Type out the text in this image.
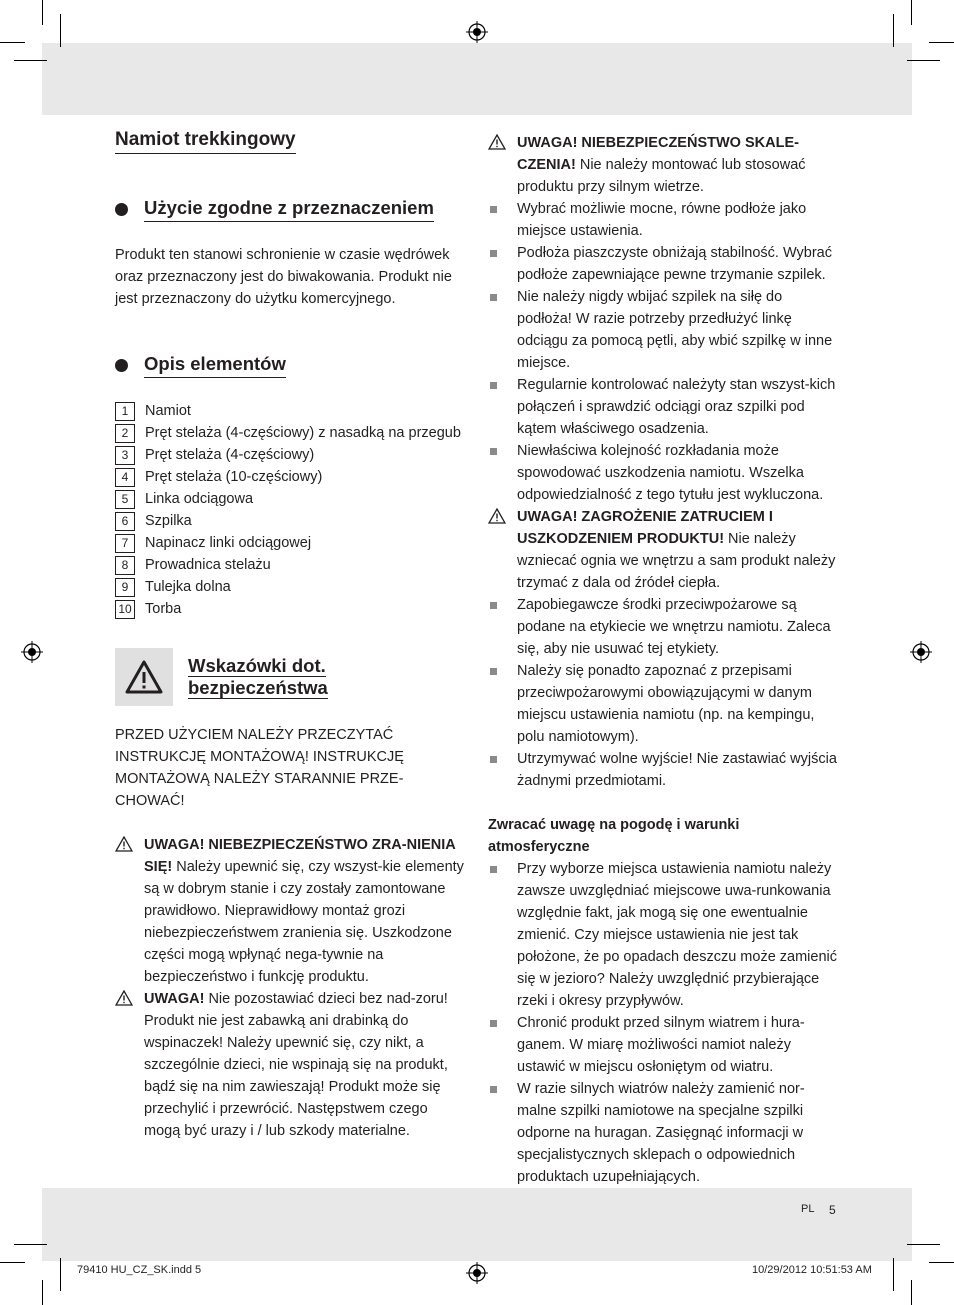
Namiot trekkingowy
Użycie zgodne z przeznaczeniem

Produkt ten stanowi schronienie w czasie wędrówek oraz przeznaczony jest do biwakowania. Produkt nie jest przeznaczony do użytku komercyjnego.

Opis elementów
1	Namiot
2	Pręt stelaża (4-częściowy) z nasadką na przegub
3	Pręt stelaża (4-częściowy)
4	Pręt stelaża (10-częściowy)
5	Linka odciągowa
6	Szpilka
7	Napinacz linki odciągowej
8	Prowadnica stelażu
9	Tulejka dolna
10 Torba
Wskazówki dot.
bezpieczeństwa
PRZED UŻYCIEM NALEŻY PRZECZYTAĆ INSTRUKCJĘ MONTAŻOWĄ! INSTRUKCJĘ MONTAŻOWĄ NALEŻY STARANNIE PRZE-CHOWAĆ!
UWAGA! NIEBEZPIECZEŃSTWO ZRA-NIENIA SIĘ! Należy upewnić się, czy wszyst-kie elementy są w dobrym stanie i czy zostały zamontowane prawidłowo. Nieprawidłowy montaż grozi niebezpieczeństwem zranienia się. Uszkodzone części mogą wpłynąć nega-tywnie na bezpieczeństwo i funkcję produktu.
UWAGA! Nie pozostawiać dzieci bez nad-zoru! Produkt nie jest zabawką ani drabinką do wspinaczek! Należy upewnić się, czy nikt, a szczególnie dzieci, nie wspinają się na produkt, bądź się na nim zawieszają! Produkt może się przechylić i przewrócić. Następstwem czego mogą być urazy i / lub szkody materialne.
UWAGA! NIEBEZPIECZEŃSTWO SKALE-CZENIA! Nie należy montować lub stosować produktu przy silnym wietrze.
Wybrać możliwie mocne, równe podłoże jako miejsce ustawienia.
Podłoża piaszczyste obniżają stabilność. Wybrać podłoże zapewniające pewne trzymanie szpilek.
Nie należy nigdy wbijać szpilek na siłę do podłoża! W razie potrzeby przedłużyć linkę odciągu za pomocą pętli, aby wbić szpilkę w inne miejsce.
Regularnie kontrolować należyty stan wszyst-kich połączeń i sprawdzić odciągi oraz szpilki pod kątem właściwego osadzenia.
Niewłaściwa kolejność rozkładania może spowodować uszkodzenia namiotu. Wszelka odpowiedzialność z tego tytułu jest wykluczona.
UWAGA! ZAGROŻENIE ZATRUCIEM I USZKODZENIEM PRODUKTU! Nie należy wzniecać ognia we wnętrzu a sam produkt należy trzymać z dala od źródeł ciepła.
Zapobiegawcze środki przeciwpożarowe są podane na etykiecie we wnętrzu namiotu. Zaleca się, aby nie usuwać tej etykiety.
Należy się ponadto zapoznać z przepisami przeciwpożarowymi obowiązującymi w danym miejscu ustawienia namiotu (np. na kempingu, polu namiotowym).
Utrzymywać wolne wyjście! Nie zastawiać wyjścia żadnymi przedmiotami.
Zwracać uwagę na pogodę i warunki atmosferyczne
Przy wyborze miejsca ustawienia namiotu należy zawsze uwzględniać miejscowe uwa-runkowania względnie fakt, jak mogą się one ewentualnie zmienić. Czy miejsce ustawienia nie jest tak położone, że po opadach deszczu może zamienić się w jezioro? Należy uwzględnić przybierające rzeki i okresy przypływów.
Chronić produkt przed silnym wiatrem i hura-ganem. W miarę możliwości namiot należy ustawić w miejscu osłoniętym od wiatru.
W razie silnych wiatrów należy zamienić nor-malne szpilki namiotowe na specjalne szpilki odporne na huragan. Zasięgnąć informacji w specjalistycznych sklepach o odpowiednich produktach uzupełniających.
PL 5
79410 HU_CZ_SK.indd 5	10/29/2012 10:51:53 AM
